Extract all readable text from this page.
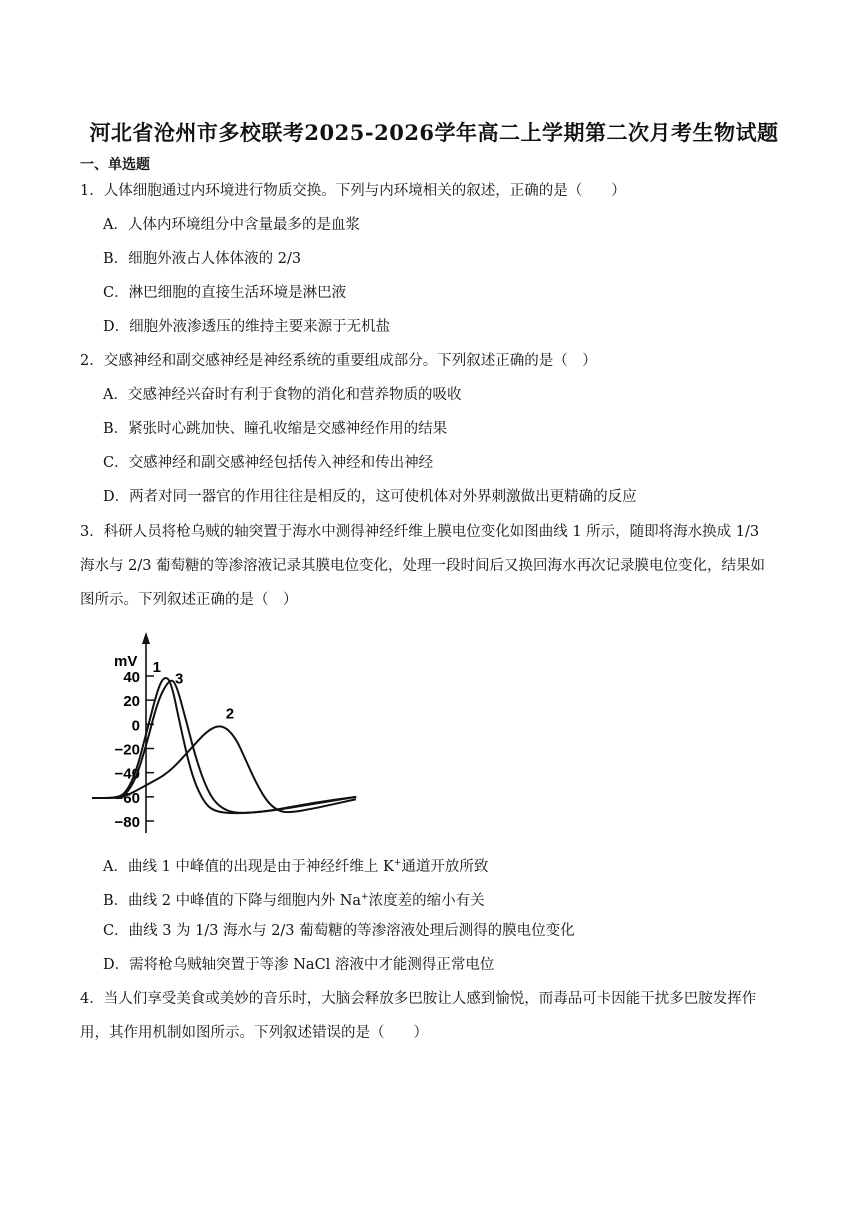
河北省沧州市多校联考2025-2026学年高二上学期第二次月考生物试题
一、单选题
1．人体细胞通过内环境进行物质交换。下列与内环境相关的叙述，正确的是（　　）
A．人体内环境组分中含量最多的是血浆
B．细胞外液占人体体液的 2/3
C．淋巴细胞的直接生活环境是淋巴液
D．细胞外液渗透压的维持主要来源于无机盐
2．交感神经和副交感神经是神经系统的重要组成部分。下列叙述正确的是（　）
A．交感神经兴奋时有利于食物的消化和营养物质的吸收
B．紧张时心跳加快、瞳孔收缩是交感神经作用的结果
C．交感神经和副交感神经包括传入神经和传出神经
D．两者对同一器官的作用往往是相反的，这可使机体对外界刺激做出更精确的反应
3．科研人员将枪乌贼的轴突置于海水中测得神经纤维上膜电位变化如图曲线 1 所示，随即将海水换成 1/3
海水与 2/3 葡萄糖的等渗溶液记录其膜电位变化，处理一段时间后又换回海水再次记录膜电位变化，结果如
图所示。下列叙述正确的是（　）
mV
40
20
0
−20
−40
−60
−80
1
2
3
A．曲线 1 中峰值的出现是由于神经纤维上 K+通道开放所致
B．曲线 2 中峰值的下降与细胞内外 Na+浓度差的缩小有关
C．曲线 3 为 1/3 海水与 2/3 葡萄糖的等渗溶液处理后测得的膜电位变化
D．需将枪乌贼轴突置于等渗 NaCl 溶液中才能测得正常电位
4．当人们享受美食或美妙的音乐时，大脑会释放多巴胺让人感到愉悦，而毒品可卡因能干扰多巴胺发挥作
用，其作用机制如图所示。下列叙述错误的是（　　）
